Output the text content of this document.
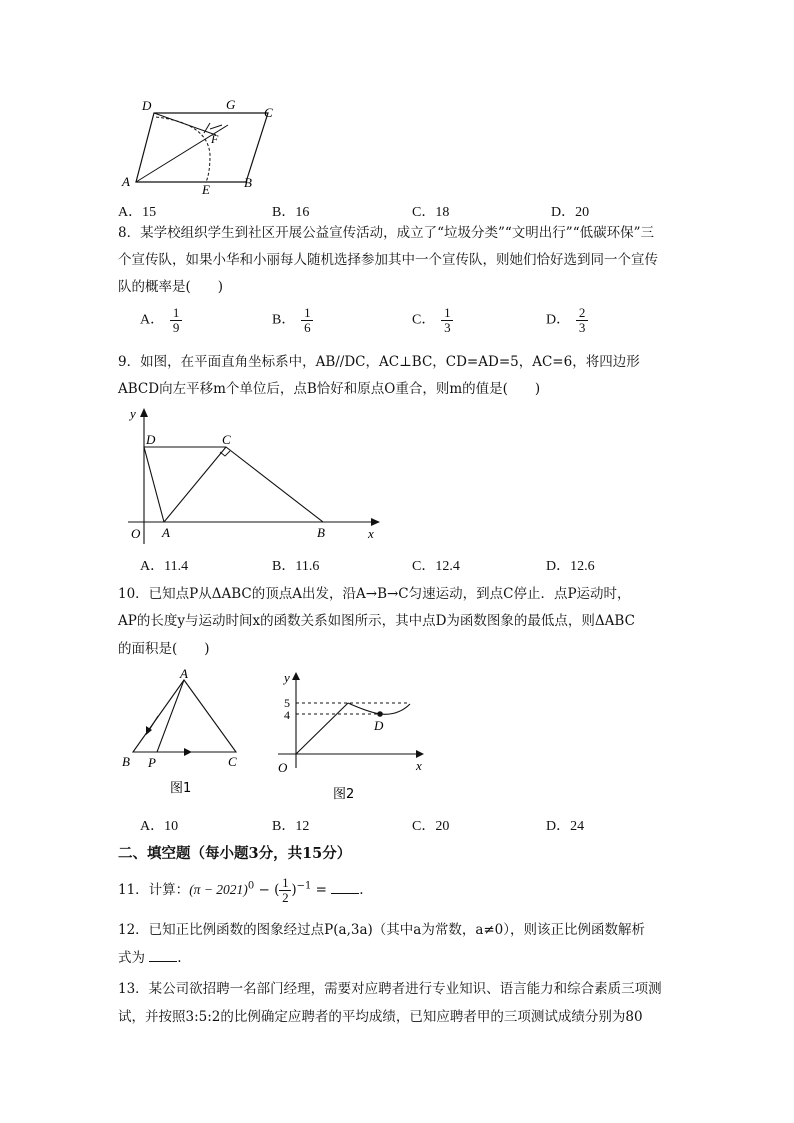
D	G
C
F
A
E	B
A．15	B．16	C．18	D．20
8．某学校组织学生到社区开展公益宣传活动，成立了“垃圾分类”“文明出行”“低碳环保”三
个宣传队，如果小华和小丽每人随机选择参加其中一个宣传队，则她们恰好选到同一个宣传
队的概率是(　　)
A． $\frac{1}{9}$	B． $\frac{1}{6}$	C． $\frac{1}{3}$	D． $\frac{2}{3}$
9．如图，在平面直角坐标系中，AB//DC，AC⊥BC，CD=AD=5，AC=6，将四边形
ABCD向左平移m个单位后，点B恰好和原点O重合，则m的值是(　　)
y
D	C
O A	B	x
A．11.4	B．11.6	C．12.4	D．12.6
10．已知点P从ΔABC的顶点A出发，沿A→B→C匀速运动，到点C停止．点P运动时，
AP的长度y与运动时间x的函数关系如图所示，其中点D为函数图象的最低点，则ΔABC
的面积是(　　)
A
B P	C
图1
y
5
4
D
O	x
图2
A．10	B．12	C．20	D．24
二、填空题（每小题3分，共15分）
11．计算：$(\pi - 2021)^0$ − ( $\frac{1}{2} )^{-1}$ = .
12．已知正比例函数的图象经过点P(a,3a)（其中a为常数，a≠0），则该正比例函数解析
式为 .
13．某公司欲招聘一名部门经理，需要对应聘者进行专业知识、语言能力和综合素质三项测
试，并按照3:5:2的比例确定应聘者的平均成绩，已知应聘者甲的三项测试成绩分别为80
